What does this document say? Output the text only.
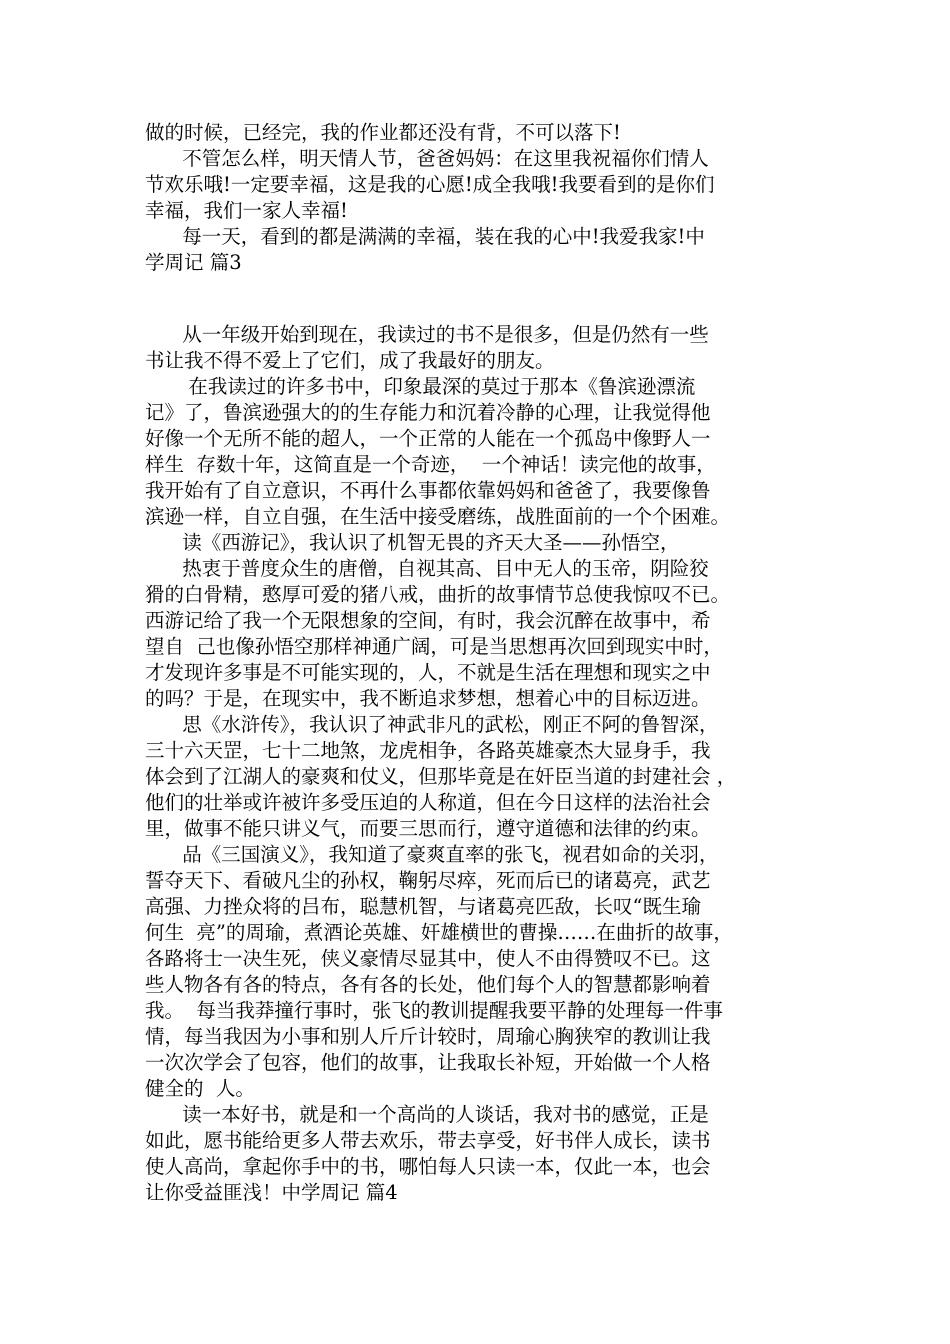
做的时候，已经完，我的作业都还没有背，不可以落下!
不管怎么样，明天情人节，爸爸妈妈：在这里我祝福你们情人
节欢乐哦!一定要幸福，这是我的心愿!成全我哦!我要看到的是你们
幸福，我们一家人幸福!
每一天，看到的都是满满的幸福，装在我的心中!我爱我家!中
学周记 篇3
从一年级开始到现在，我读过的书不是很多，但是仍然有一些
书让我不得不爱上了它们，成了我最好的朋友。
在我读过的许多书中，印象最深的莫过于那本《鲁滨逊漂流
记》了，鲁滨逊强大的的生存能力和沉着冷静的心理，让我觉得他
好像一个无所不能的超人，一个正常的人能在一个孤岛中像野人一
样生  存数十年，这简直是一个奇迹，  一个神话！读完他的故事，
我开始有了自立意识，不再什么事都依靠妈妈和爸爸了，我要像鲁
滨逊一样，自立自强，在生活中接受磨练，战胜面前的一个个困难。
读《西游记》，我认识了机智无畏的齐天大圣——孙悟空，
热衷于普度众生的唐僧，自视其高、目中无人的玉帝，阴险狡
猾的白骨精，憨厚可爱的猪八戒，曲折的故事情节总使我惊叹不已。
西游记给了我一个无限想象的空间，有时，我会沉醉在故事中，希
望自  己也像孙悟空那样神通广阔，可是当思想再次回到现实中时，
才发现许多事是不可能实现的，人，不就是生活在理想和现实之中
的吗？于是，在现实中，我不断追求梦想，想着心中的目标迈进。
思《水浒传》，我认识了神武非凡的武松，刚正不阿的鲁智深，
三十六天罡，七十二地煞，龙虎相争，各路英雄豪杰大显身手，我
体会到了江湖人的豪爽和仗义，但那毕竟是在奸臣当道的封建社会 ，
他们的壮举或许被许多受压迫的人称道，但在今日这样的法治社会
里，做事不能只讲义气，而要三思而行，遵守道德和法律的约束。
品《三国演义》，我知道了豪爽直率的张飞，视君如命的关羽，
誓夺天下、看破凡尘的孙权，鞠躬尽瘁，死而后已的诸葛亮，武艺
高强、力挫众将的吕布，聪慧机智，与诸葛亮匹敌，长叹“既生瑜
何生  亮”的周瑜，煮酒论英雄、奸雄横世的曹操……在曲折的故事，
各路将士一决生死，侠义豪情尽显其中，使人不由得赞叹不已。这
些人物各有各的特点，各有各的长处，他们每个人的智慧都影响着
我。  每当我莽撞行事时，张飞的教训提醒我要平静的处理每一件事
情，每当我因为小事和别人斤斤计较时，周瑜心胸狭窄的教训让我
一次次学会了包容，他们的故事，让我取长补短，开始做一个人格
健全的  人。
读一本好书，就是和一个高尚的人谈话，我对书的感觉，正是
如此，愿书能给更多人带去欢乐，带去享受，好书伴人成长，读书
使人高尚，拿起你手中的书，哪怕每人只读一本，仅此一本，也会
让你受益匪浅！中学周记 篇4
